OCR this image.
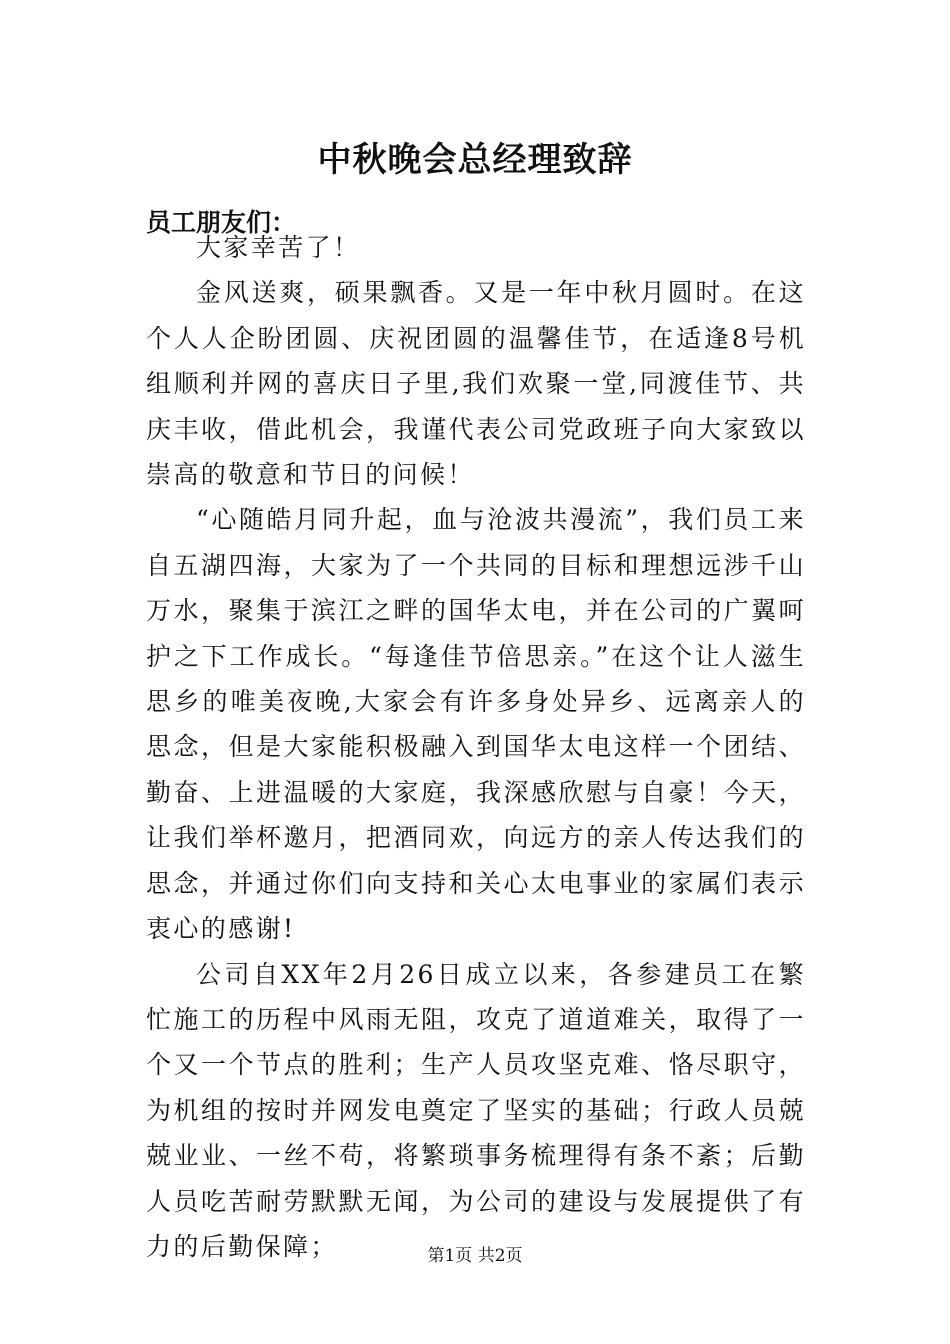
中秋晚会总经理致辞
员工朋友们：

大家幸苦了！

金风送爽，硕果飘香。又是一年中秋月圆时。在这个人人企盼团圆、庆祝团圆的温馨佳节，在适逢8号机组顺利并网的喜庆日子里,我们欢聚一堂,同渡佳节、共庆丰收，借此机会，我谨代表公司党政班子向大家致以崇高的敬意和节日的问候！

“心随皓月同升起，血与沧波共漫流”，我们员工来自五湖四海，大家为了一个共同的目标和理想远涉千山万水，聚集于滨江之畔的国华太电，并在公司的广翼呵护之下工作成长。“每逢佳节倍思亲。”在这个让人滋生思乡的唯美夜晚,大家会有许多身处异乡、远离亲人的思念，但是大家能积极融入到国华太电这样一个团结、勤奋、上进温暖的大家庭，我深感欣慰与自豪！今天，让我们举杯邀月，把酒同欢，向远方的亲人传达我们的思念，并通过你们向支持和关心太电事业的家属们表示衷心的感谢!

公司自XX年2月26日成立以来，各参建员工在繁忙施工的历程中风雨无阻，攻克了道道难关，取得了一个又一个节点的胜利；生产人员攻坚克难、恪尽职守，为机组的按时并网发电奠定了坚实的基础；行政人员兢兢业业、一丝不苟，将繁琐事务梳理得有条不紊；后勤人员吃苦耐劳默默无闻，为公司的建设与发展提供了有力的后勤保障；	第1页 共2页
